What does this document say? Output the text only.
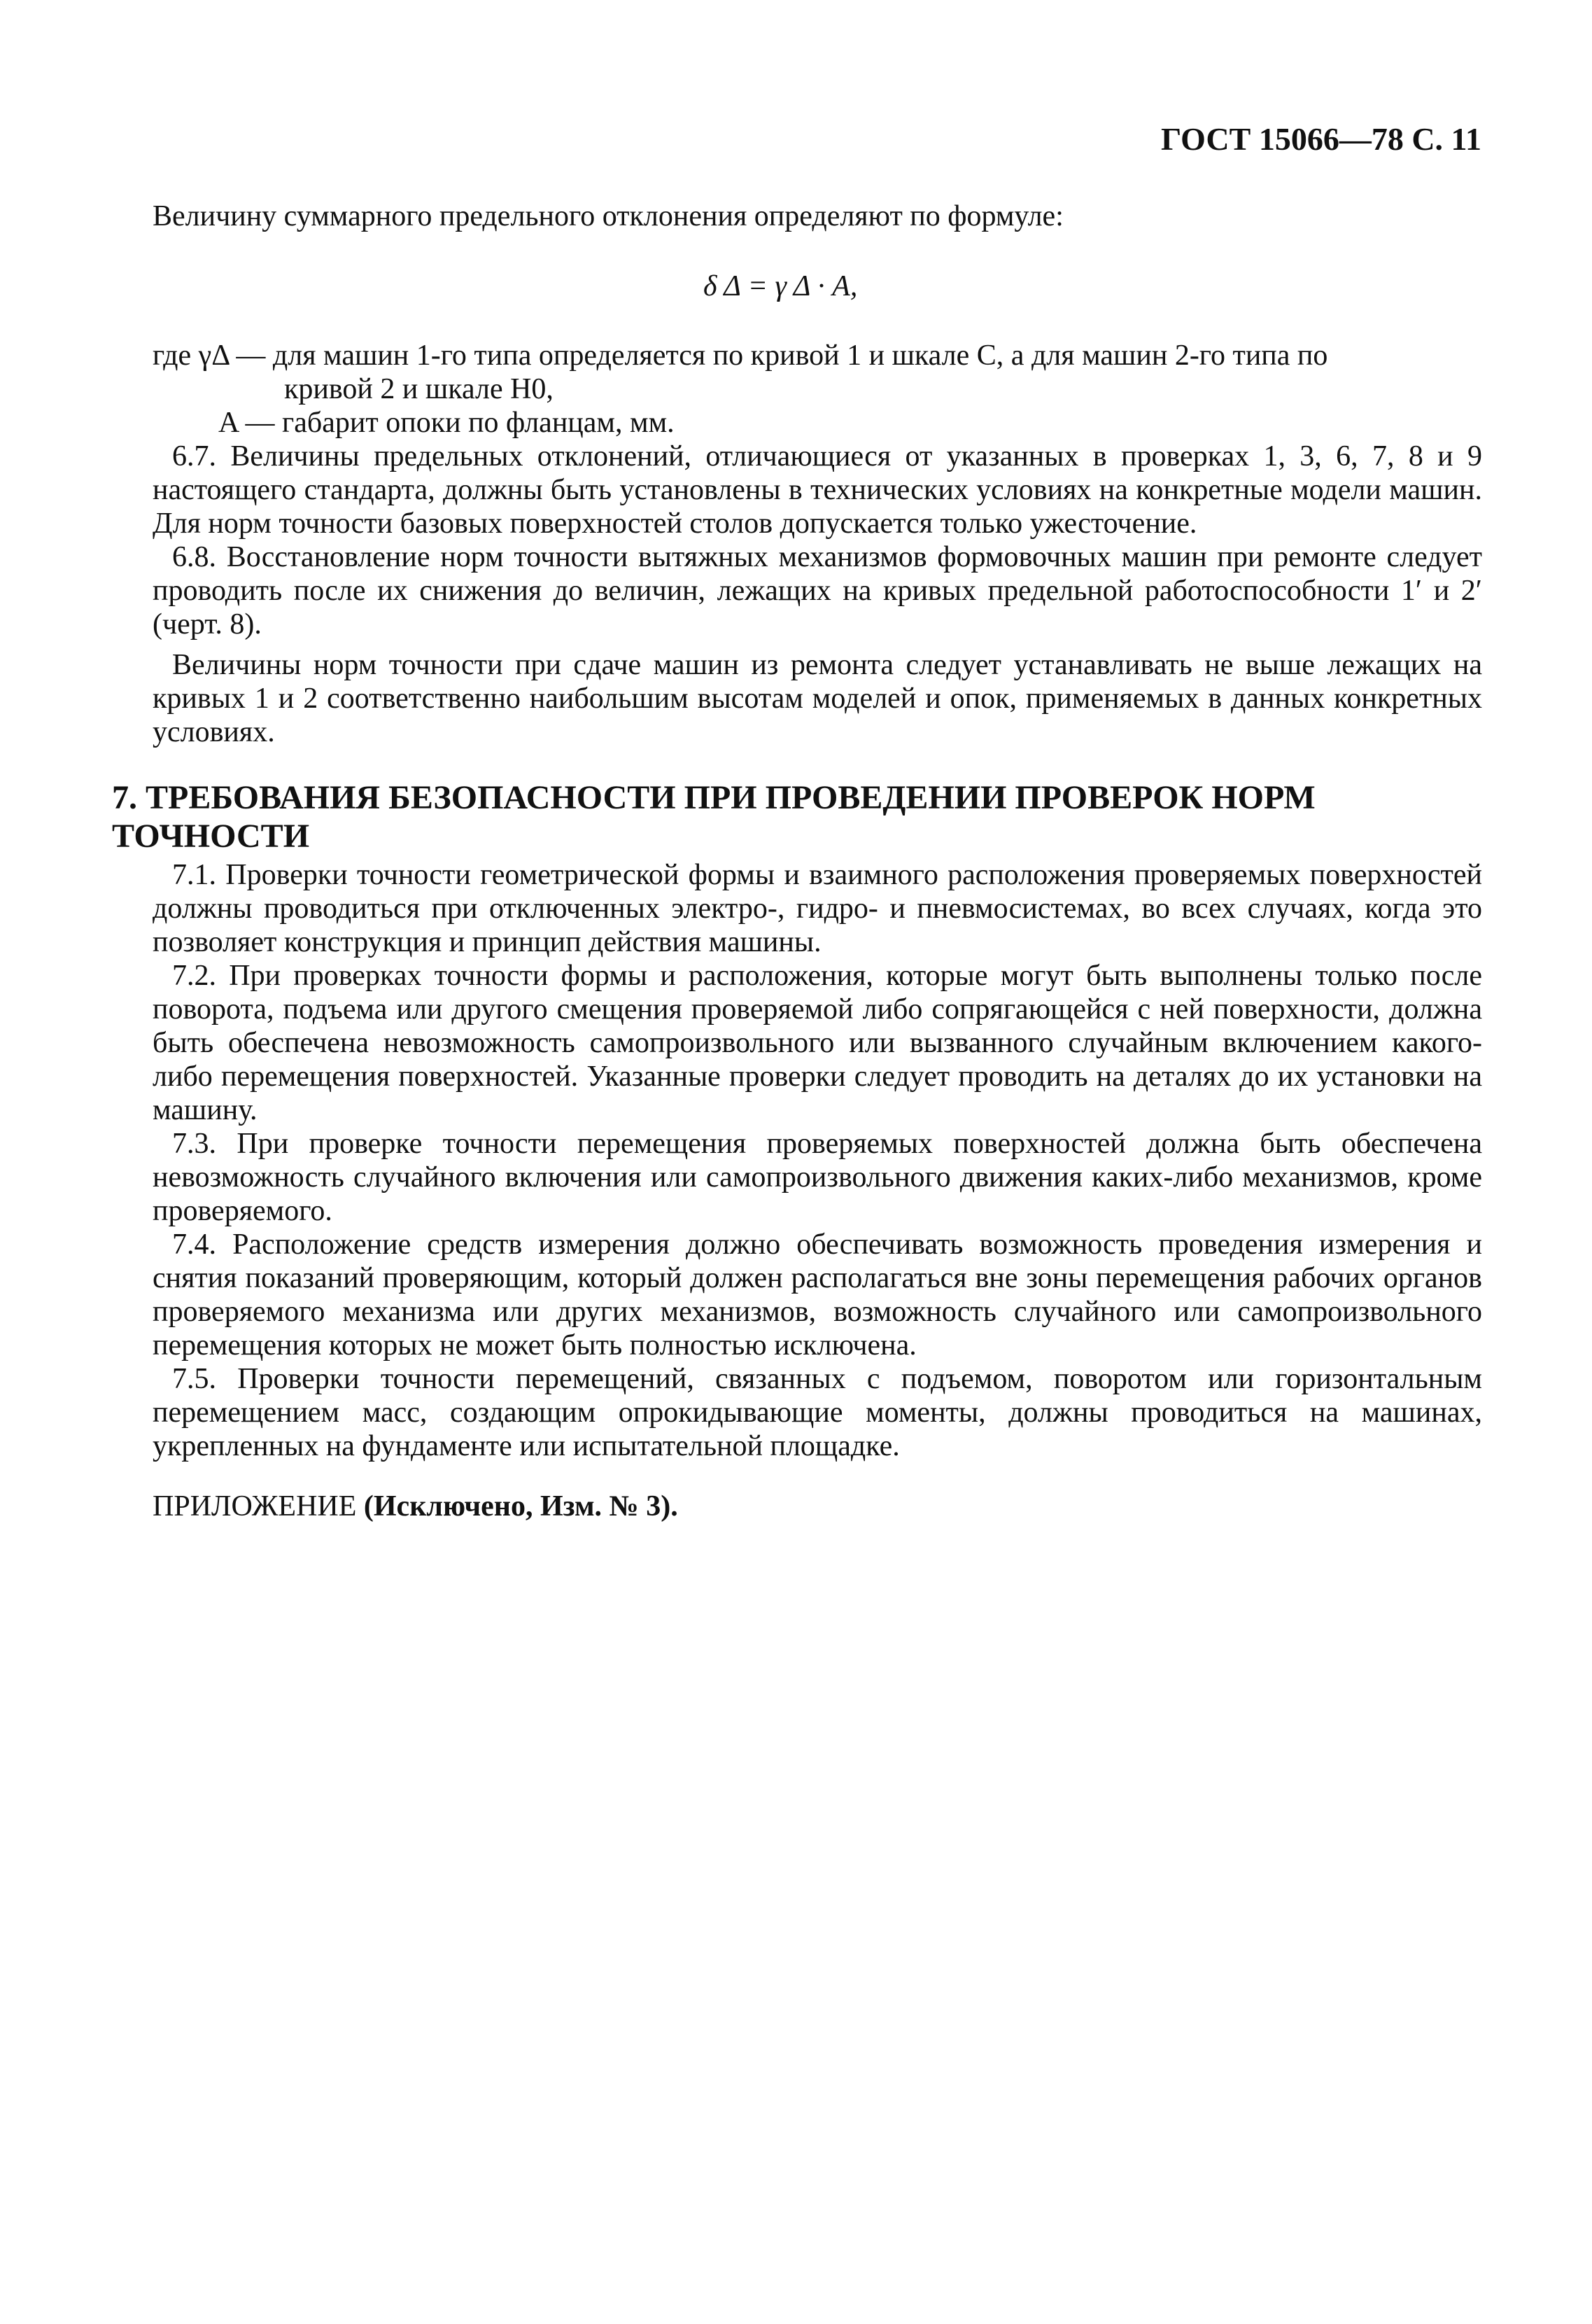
ГОСТ 15066—78 С. 11

Величину суммарного предельного отклонения определяют по формуле:

δ Δ = γ Δ · A,
где γΔ — для машин 1-го типа определяется по кривой 1 и шкале C, а для машин 2-го типа по
кривой 2 и шкале H0,
A — габарит опоки по фланцам, мм.

6.7. Величины предельных отклонений, отличающиеся от указанных в проверках 1, 3, 6, 7, 8 и 9 настоящего стандарта, должны быть установлены в технических условиях на конкретные модели машин. Для норм точности базовых поверхностей столов допускается только ужесточение.

6.8. Восстановление норм точности вытяжных механизмов формовочных машин при ремонте следует проводить после их снижения до величин, лежащих на кривых предельной работоспособности 1′ и 2′ (черт. 8).

Величины норм точности при сдаче машин из ремонта следует устанавливать не выше лежащих на кривых 1 и 2 соответственно наибольшим высотам моделей и опок, применяемых в данных конкретных условиях.

7. ТРЕБОВАНИЯ БЕЗОПАСНОСТИ ПРИ ПРОВЕДЕНИИ ПРОВЕРОК НОРМ ТОЧНОСТИ

7.1. Проверки точности геометрической формы и взаимного расположения проверяемых поверхностей должны проводиться при отключенных электро-, гидро- и пневмосистемах, во всех случаях, когда это позволяет конструкция и принцип действия машины.

7.2. При проверках точности формы и расположения, которые могут быть выполнены только после поворота, подъема или другого смещения проверяемой либо сопрягающейся с ней поверхности, должна быть обеспечена невозможность самопроизвольного или вызванного случайным включением какого-либо перемещения поверхностей. Указанные проверки следует проводить на деталях до их установки на машину.

7.3. При проверке точности перемещения проверяемых поверхностей должна быть обеспечена невозможность случайного включения или самопроизвольного движения каких-либо механизмов, кроме проверяемого.

7.4. Расположение средств измерения должно обеспечивать возможность проведения измерения и снятия показаний проверяющим, который должен располагаться вне зоны перемещения рабочих органов проверяемого механизма или других механизмов, возможность случайного или самопроизвольного перемещения которых не может быть полностью исключена.

7.5. Проверки точности перемещений, связанных с подъемом, поворотом или горизонтальным перемещением масс, создающим опрокидывающие моменты, должны проводиться на машинах, укрепленных на фундаменте или испытательной площадке.

ПРИЛОЖЕНИЕ (Исключено, Изм. № 3).
